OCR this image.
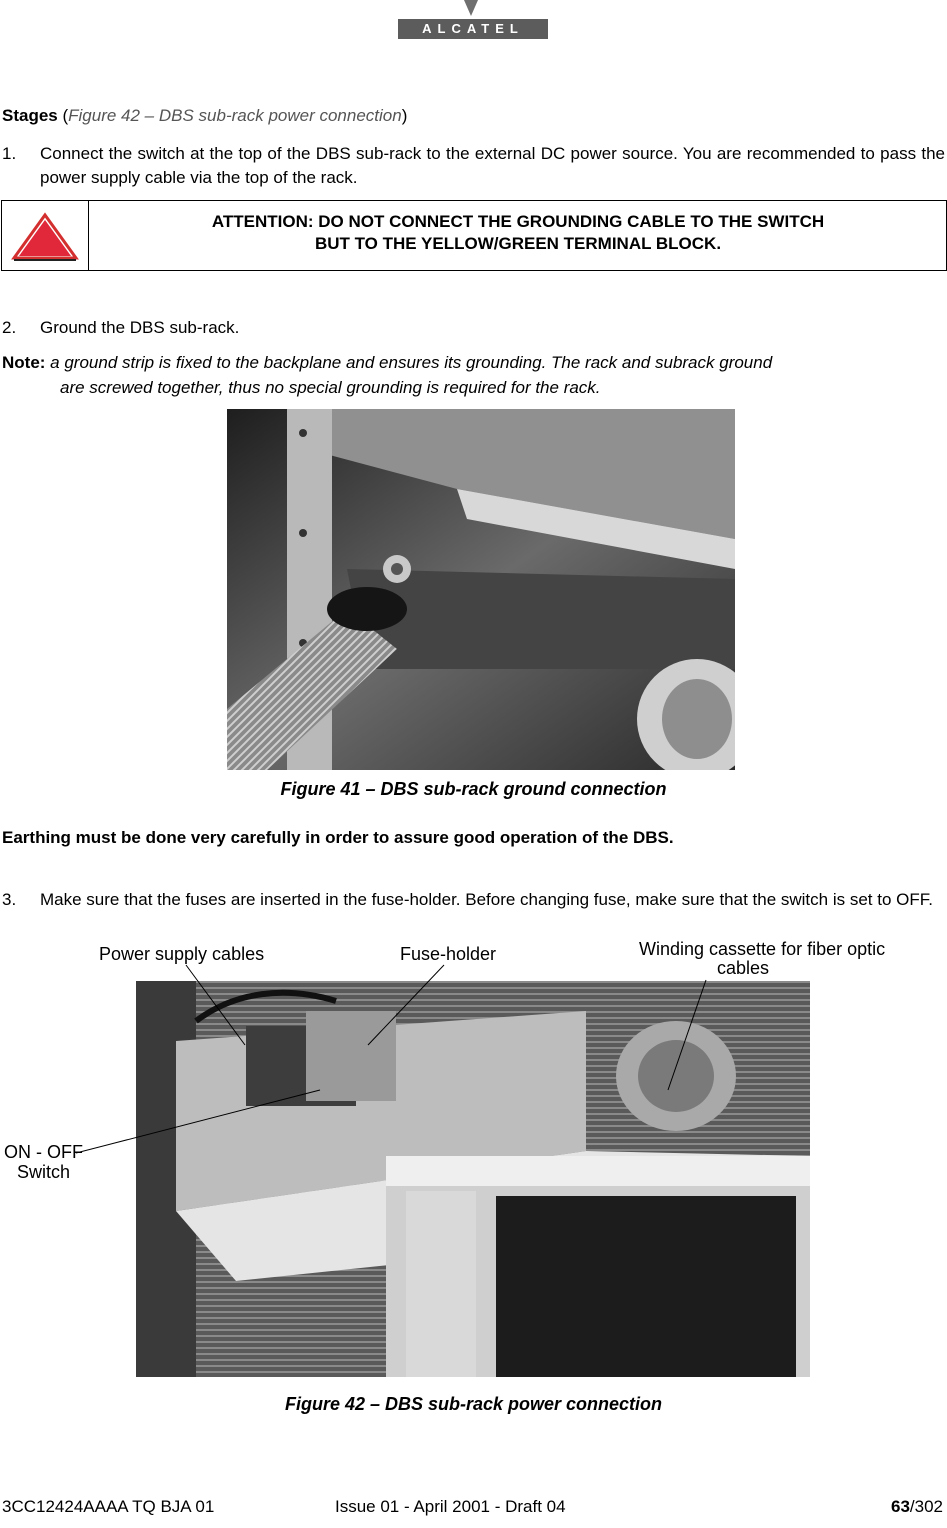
ALCATEL
Stages (Figure 42 – DBS sub-rack power connection)
1. Connect the switch at the top of the DBS sub-rack to the external DC power source. You are recommended to pass the power supply cable via the top of the rack.
ATTENTION: DO NOT CONNECT THE GROUNDING CABLE TO THE SWITCH
BUT TO THE YELLOW/GREEN TERMINAL BLOCK.
2. Ground the DBS sub-rack.
Note: a ground strip is fixed to the backplane and ensures its grounding. The rack and subrack ground
are screwed together, thus no special grounding is required for the rack.
Figure 41 – DBS sub-rack ground connection
Earthing must be done very carefully in order to assure good operation of the DBS.
3. Make sure that the fuses are inserted in the fuse-holder. Before changing fuse, make sure that the switch is set to OFF.
Power supply cables	Fuse-holder	Winding cassette for fiber optic
cables
ON - OFF
Switch
Figure 42 – DBS sub-rack power connection
3CC12424AAAA TQ BJA 01	Issue 01 - April 2001 - Draft 04	63/302
